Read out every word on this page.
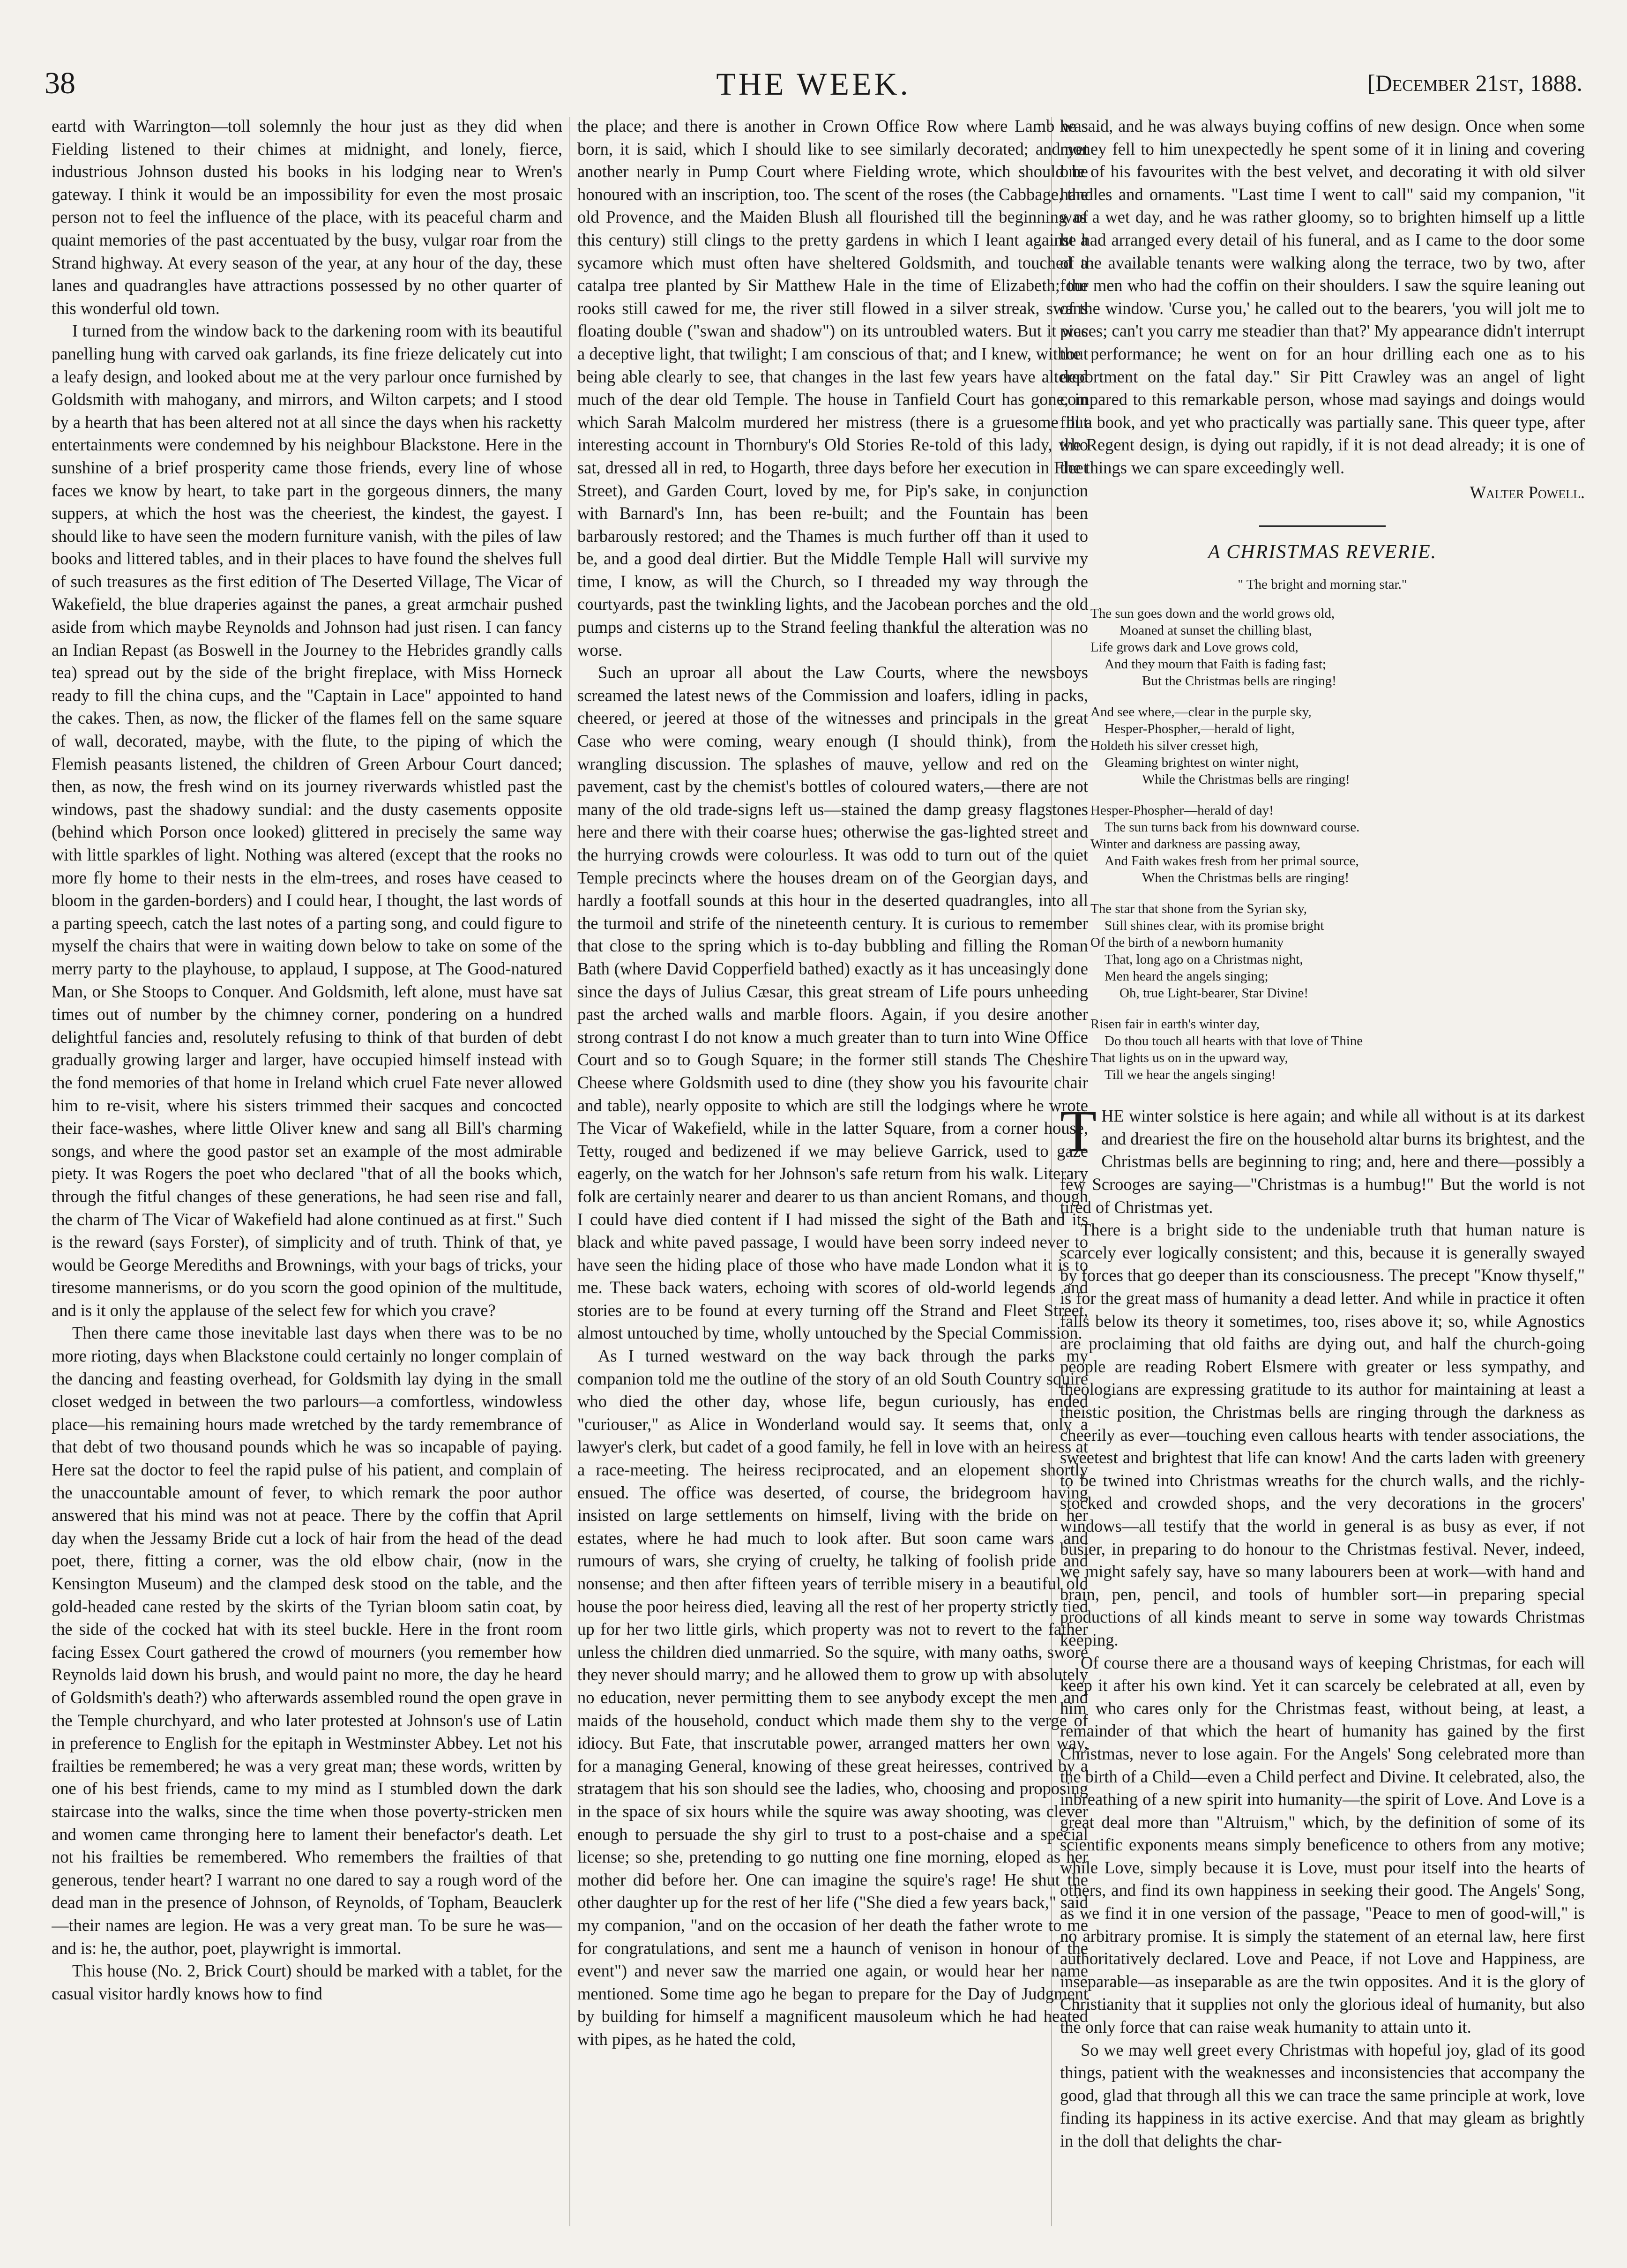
38	THE WEEK.	[December 21st, 1888.

eartd with Warrington—toll solemnly the hour just as they did when Fielding listened to their chimes at midnight, and lonely, fierce, industrious Johnson dusted his books in his lodging near to Wren's gateway. I think it would be an impossibility for even the most prosaic person not to feel the influence of the place, with its peaceful charm and quaint memories of the past accentuated by the busy, vulgar roar from the Strand highway. At every season of the year, at any hour of the day, these lanes and quadrangles have attractions possessed by no other quarter of this wonderful old town.

I turned from the window back to the darkening room with its beautiful panelling hung with carved oak garlands, its fine frieze delicately cut into a leafy design, and looked about me at the very parlour once furnished by Goldsmith with mahogany, and mirrors, and Wilton carpets; and I stood by a hearth that has been altered not at all since the days when his racketty entertainments were condemned by his neighbour Blackstone. Here in the sunshine of a brief prosperity came those friends, every line of whose faces we know by heart, to take part in the gorgeous dinners, the many suppers, at which the host was the cheeriest, the kindest, the gayest. I should like to have seen the modern furniture vanish, with the piles of law books and littered tables, and in their places to have found the shelves full of such treasures as the first edition of The Deserted Village, The Vicar of Wakefield, the blue draperies against the panes, a great armchair pushed aside from which maybe Reynolds and Johnson had just risen. I can fancy an Indian Repast (as Boswell in the Journey to the Hebrides grandly calls tea) spread out by the side of the bright fireplace, with Miss Horneck ready to fill the china cups, and the "Captain in Lace" appointed to hand the cakes. Then, as now, the flicker of the flames fell on the same square of wall, decorated, maybe, with the flute, to the piping of which the Flemish peasants listened, the children of Green Arbour Court danced; then, as now, the fresh wind on its journey riverwards whistled past the windows, past the shadowy sundial: and the dusty casements opposite (behind which Porson once looked) glittered in precisely the same way with little sparkles of light. Nothing was altered (except that the rooks no more fly home to their nests in the elm-trees, and roses have ceased to bloom in the garden-borders) and I could hear, I thought, the last words of a parting speech, catch the last notes of a parting song, and could figure to myself the chairs that were in waiting down below to take on some of the merry party to the playhouse, to applaud, I suppose, at The Good-natured Man, or She Stoops to Conquer. And Goldsmith, left alone, must have sat times out of number by the chimney corner, pondering on a hundred delightful fancies and, resolutely refusing to think of that burden of debt gradually growing larger and larger, have occupied himself instead with the fond memories of that home in Ireland which cruel Fate never allowed him to re-visit, where his sisters trimmed their sacques and concocted their face-washes, where little Oliver knew and sang all Bill's charming songs, and where the good pastor set an example of the most admirable piety. It was Rogers the poet who declared "that of all the books which, through the fitful changes of these generations, he had seen rise and fall, the charm of The Vicar of Wakefield had alone continued as at first." Such is the reward (says Forster), of simplicity and of truth. Think of that, ye would be George Merediths and Brownings, with your bags of tricks, your tiresome mannerisms, or do you scorn the good opinion of the multitude, and is it only the applause of the select few for which you crave?

Then there came those inevitable last days when there was to be no more rioting, days when Blackstone could certainly no longer complain of the dancing and feasting overhead, for Goldsmith lay dying in the small closet wedged in between the two parlours—a comfortless, windowless place—his remaining hours made wretched by the tardy remembrance of that debt of two thousand pounds which he was so incapable of paying. Here sat the doctor to feel the rapid pulse of his patient, and complain of the unaccountable amount of fever, to which remark the poor author answered that his mind was not at peace. There by the coffin that April day when the Jessamy Bride cut a lock of hair from the head of the dead poet, there, fitting a corner, was the old elbow chair, (now in the Kensington Museum) and the clamped desk stood on the table, and the gold-headed cane rested by the skirts of the Tyrian bloom satin coat, by the side of the cocked hat with its steel buckle. Here in the front room facing Essex Court gathered the crowd of mourners (you remember how Reynolds laid down his brush, and would paint no more, the day he heard of Goldsmith's death?) who afterwards assembled round the open grave in the Temple churchyard, and who later protested at Johnson's use of Latin in preference to English for the epitaph in Westminster Abbey. Let not his frailties be remembered; he was a very great man; these words, written by one of his best friends, came to my mind as I stumbled down the dark staircase into the walks, since the time when those poverty-stricken men and women came thronging here to lament their benefactor's death. Let not his frailties be remembered. Who remembers the frailties of that generous, tender heart? I warrant no one dared to say a rough word of the dead man in the presence of Johnson, of Reynolds, of Topham, Beauclerk—their names are legion. He was a very great man. To be sure he was—and is: he, the author, poet, playwright is immortal.

This house (No. 2, Brick Court) should be marked with a tablet, for the casual visitor hardly knows how to find

the place; and there is another in Crown Office Row where Lamb was born, it is said, which I should like to see similarly decorated; and yet another nearly in Pump Court where Fielding wrote, which should be honoured with an inscription, too. The scent of the roses (the Cabbage, the old Provence, and the Maiden Blush all flourished till the beginning of this century) still clings to the pretty gardens in which I leant against a sycamore which must often have sheltered Goldsmith, and touched a catalpa tree planted by Sir Matthew Hale in the time of Elizabeth; the rooks still cawed for me, the river still flowed in a silver streak, swans floating double ("swan and shadow") on its untroubled waters. But it was a deceptive light, that twilight; I am conscious of that; and I knew, without being able clearly to see, that changes in the last few years have altered much of the dear old Temple. The house in Tanfield Court has gone, in which Sarah Malcolm murdered her mistress (there is a gruesome but interesting account in Thornbury's Old Stories Re-told of this lady, who sat, dressed all in red, to Hogarth, three days before her execution in Fleet Street), and Garden Court, loved by me, for Pip's sake, in conjunction with Barnard's Inn, has been re-built; and the Fountain has been barbarously restored; and the Thames is much further off than it used to be, and a good deal dirtier. But the Middle Temple Hall will survive my time, I know, as will the Church, so I threaded my way through the courtyards, past the twinkling lights, and the Jacobean porches and the old pumps and cisterns up to the Strand feeling thankful the alteration was no worse.

Such an uproar all about the Law Courts, where the newsboys screamed the latest news of the Commission and loafers, idling in packs, cheered, or jeered at those of the witnesses and principals in the great Case who were coming, weary enough (I should think), from the wrangling discussion. The splashes of mauve, yellow and red on the pavement, cast by the chemist's bottles of coloured waters,—there are not many of the old trade-signs left us—stained the damp greasy flagstones here and there with their coarse hues; otherwise the gas-lighted street and the hurrying crowds were colourless. It was odd to turn out of the quiet Temple precincts where the houses dream on of the Georgian days, and hardly a footfall sounds at this hour in the deserted quadrangles, into all the turmoil and strife of the nineteenth century. It is curious to remember that close to the spring which is to-day bubbling and filling the Roman Bath (where David Copperfield bathed) exactly as it has unceasingly done since the days of Julius Cæsar, this great stream of Life pours unheeding past the arched walls and marble floors. Again, if you desire another strong contrast I do not know a much greater than to turn into Wine Office Court and so to Gough Square; in the former still stands The Cheshire Cheese where Goldsmith used to dine (they show you his favourite chair and table), nearly opposite to which are still the lodgings where he wrote The Vicar of Wakefield, while in the latter Square, from a corner house, Tetty, rouged and bedizened if we may believe Garrick, used to gaze eagerly, on the watch for her Johnson's safe return from his walk. Literary folk are certainly nearer and dearer to us than ancient Romans, and though I could have died content if I had missed the sight of the Bath and its black and white paved passage, I would have been sorry indeed never to have seen the hiding place of those who have made London what it is to me. These back waters, echoing with scores of old-world legends and stories are to be found at every turning off the Strand and Fleet Street, almost untouched by time, wholly untouched by the Special Commission.

As I turned westward on the way back through the parks my companion told me the outline of the story of an old South Country squire who died the other day, whose life, begun curiously, has ended "curiouser," as Alice in Wonderland would say. It seems that, only a lawyer's clerk, but cadet of a good family, he fell in love with an heiress at a race-meeting. The heiress reciprocated, and an elopement shortly ensued. The office was deserted, of course, the bridegroom having insisted on large settlements on himself, living with the bride on her estates, where he had much to look after. But soon came wars and rumours of wars, she crying of cruelty, he talking of foolish pride and nonsense; and then after fifteen years of terrible misery in a beautiful old house the poor heiress died, leaving all the rest of her property strictly tied up for her two little girls, which property was not to revert to the father unless the children died unmarried. So the squire, with many oaths, swore they never should marry; and he allowed them to grow up with absolutely no education, never permitting them to see anybody except the men and maids of the household, conduct which made them shy to the verge of idiocy. But Fate, that inscrutable power, arranged matters her own way, for a managing General, knowing of these great heiresses, contrived by a stratagem that his son should see the ladies, who, choosing and proposing in the space of six hours while the squire was away shooting, was clever enough to persuade the shy girl to trust to a post-chaise and a special license; so she, pretending to go nutting one fine morning, eloped as her mother did before her. One can imagine the squire's rage! He shut the other daughter up for the rest of her life ("She died a few years back," said my companion, "and on the occasion of her death the father wrote to me for congratulations, and sent me a haunch of venison in honour of the event") and never saw the married one again, or would hear her name mentioned. Some time ago he began to prepare for the Day of Judgment by building for himself a magnificent mausoleum which he had heated with pipes, as he hated the cold,

he said, and he was always buying coffins of new design. Once when some money fell to him unexpectedly he spent some of it in lining and covering one of his favourites with the best velvet, and decorating it with old silver handles and ornaments. "Last time I went to call" said my companion, "it was a wet day, and he was rather gloomy, so to brighten himself up a little he had arranged every detail of his funeral, and as I came to the door some of the available tenants were walking along the terrace, two by two, after four men who had the coffin on their shoulders. I saw the squire leaning out of the window. 'Curse you,' he called out to the bearers, 'you will jolt me to pieces; can't you carry me steadier than that?' My appearance didn't interrupt the performance; he went on for an hour drilling each one as to his deportment on the fatal day." Sir Pitt Crawley was an angel of light compared to this remarkable person, whose mad sayings and doings would fill a book, and yet who practically was partially sane. This queer type, after the Regent design, is dying out rapidly, if it is not dead already; it is one of the things we can spare exceedingly well.

Walter Powell.
A CHRISTMAS REVERIE.
" The bright and morning star."
The sun goes down and the world grows old,
Moaned at sunset the chilling blast,
Life grows dark and Love grows cold,
And they mourn that Faith is fading fast;
But the Christmas bells are ringing!
And see where,—clear in the purple sky,
Hesper-Phospher,—herald of light,
Holdeth his silver cresset high,
Gleaming brightest on winter night,
While the Christmas bells are ringing!
Hesper-Phospher—herald of day!
The sun turns back from his downward course.
Winter and darkness are passing away,
And Faith wakes fresh from her primal source,
When the Christmas bells are ringing!
The star that shone from the Syrian sky,
Still shines clear, with its promise bright
Of the birth of a newborn humanity
That, long ago on a Christmas night,
Men heard the angels singing;
Oh, true Light-bearer, Star Divine!
Risen fair in earth's winter day,
Do thou touch all hearts with that love of Thine
That lights us on in the upward way,
Till we hear the angels singing!

THE winter solstice is here again; and while all without is at its darkest and dreariest the fire on the household altar burns its brightest, and the Christmas bells are beginning to ring; and, here and there—possibly a few Scrooges are saying—"Christmas is a humbug!" But the world is not tired of Christmas yet.

There is a bright side to the undeniable truth that human nature is scarcely ever logically consistent; and this, because it is generally swayed by forces that go deeper than its consciousness. The precept "Know thyself," is for the great mass of humanity a dead letter. And while in practice it often falls below its theory it sometimes, too, rises above it; so, while Agnostics are proclaiming that old faiths are dying out, and half the church-going people are reading Robert Elsmere with greater or less sympathy, and theologians are expressing gratitude to its author for maintaining at least a theistic position, the Christmas bells are ringing through the darkness as cheerily as ever—touching even callous hearts with tender associations, the sweetest and brightest that life can know! And the carts laden with greenery to be twined into Christmas wreaths for the church walls, and the richly-stocked and crowded shops, and the very decorations in the grocers' windows—all testify that the world in general is as busy as ever, if not busier, in preparing to do honour to the Christmas festival. Never, indeed, we might safely say, have so many labourers been at work—with hand and brain, pen, pencil, and tools of humbler sort—in preparing special productions of all kinds meant to serve in some way towards Christmas keeping.

Of course there are a thousand ways of keeping Christmas, for each will keep it after his own kind. Yet it can scarcely be celebrated at all, even by him who cares only for the Christmas feast, without being, at least, a remainder of that which the heart of humanity has gained by the first Christmas, never to lose again. For the Angels' Song celebrated more than the birth of a Child—even a Child perfect and Divine. It celebrated, also, the inbreathing of a new spirit into humanity—the spirit of Love. And Love is a great deal more than "Altruism," which, by the definition of some of its scientific exponents means simply beneficence to others from any motive; while Love, simply because it is Love, must pour itself into the hearts of others, and find its own happiness in seeking their good. The Angels' Song, as we find it in one version of the passage, "Peace to men of good-will," is no arbitrary promise. It is simply the statement of an eternal law, here first authoritatively declared. Love and Peace, if not Love and Happiness, are inseparable—as inseparable as are the twin opposites. And it is the glory of Christianity that it supplies not only the glorious ideal of humanity, but also the only force that can raise weak humanity to attain unto it.

So we may well greet every Christmas with hopeful joy, glad of its good things, patient with the weaknesses and inconsistencies that accompany the good, glad that through all this we can trace the same principle at work, love finding its happiness in its active exercise. And that may gleam as brightly in the doll that delights the char-
